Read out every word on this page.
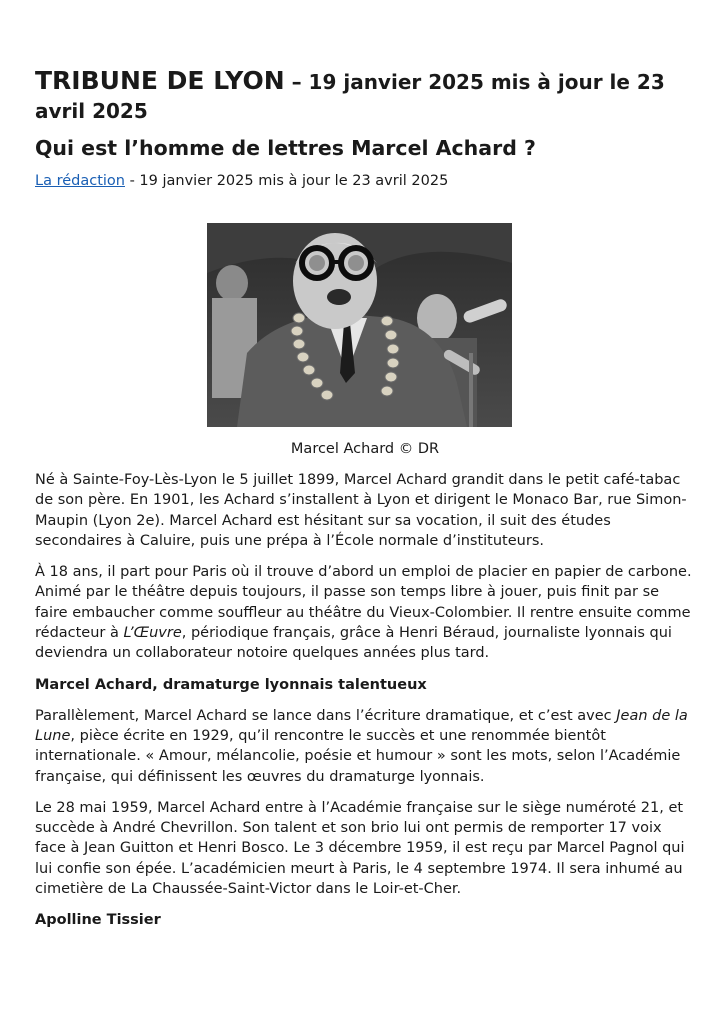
TRIBUNE DE LYON – 19 janvier 2025 mis à jour le 23 avril 2025
Qui est l’homme de lettres Marcel Achard ?
La rédaction - 19 janvier 2025 mis à jour le 23 avril 2025
Marcel Achard © DR

Né à Sainte-Foy-Lès-Lyon le 5 juillet 1899, Marcel Achard grandit dans le petit café-tabac de son père. En 1901, les Achard s’installent à Lyon et dirigent le Monaco Bar, rue Simon-Maupin (Lyon 2e). Marcel Achard est hésitant sur sa vocation, il suit des études secondaires à Caluire, puis une prépa à l’École normale d’instituteurs.

À 18 ans, il part pour Paris où il trouve d’abord un emploi de placier en papier de carbone. Animé par le théâtre depuis toujours, il passe son temps libre à jouer, puis finit par se faire embaucher comme souffleur au théâtre du Vieux-Colombier. Il rentre ensuite comme rédacteur à L’Œuvre, périodique français, grâce à Henri Béraud, journaliste lyonnais qui deviendra un collaborateur notoire quelques années plus tard.

Marcel Achard, dramaturge lyonnais talentueux

Parallèlement, Marcel Achard se lance dans l’écriture dramatique, et c’est avec Jean de la Lune, pièce écrite en 1929, qu’il rencontre le succès et une renommée bientôt internationale. « Amour, mélancolie, poésie et humour » sont les mots, selon l’Académie française, qui définissent les œuvres du dramaturge lyonnais.

Le 28 mai 1959, Marcel Achard entre à l’Académie française sur le siège numéroté 21, et succède à André Chevrillon. Son talent et son brio lui ont permis de remporter 17 voix face à Jean Guitton et Henri Bosco. Le 3 décembre 1959, il est reçu par Marcel Pagnol qui lui confie son épée. L’académicien meurt à Paris, le 4 septembre 1974. Il sera inhumé au cimetière de La Chaussée-Saint-Victor dans le Loir-et-Cher.

Apolline Tissier
